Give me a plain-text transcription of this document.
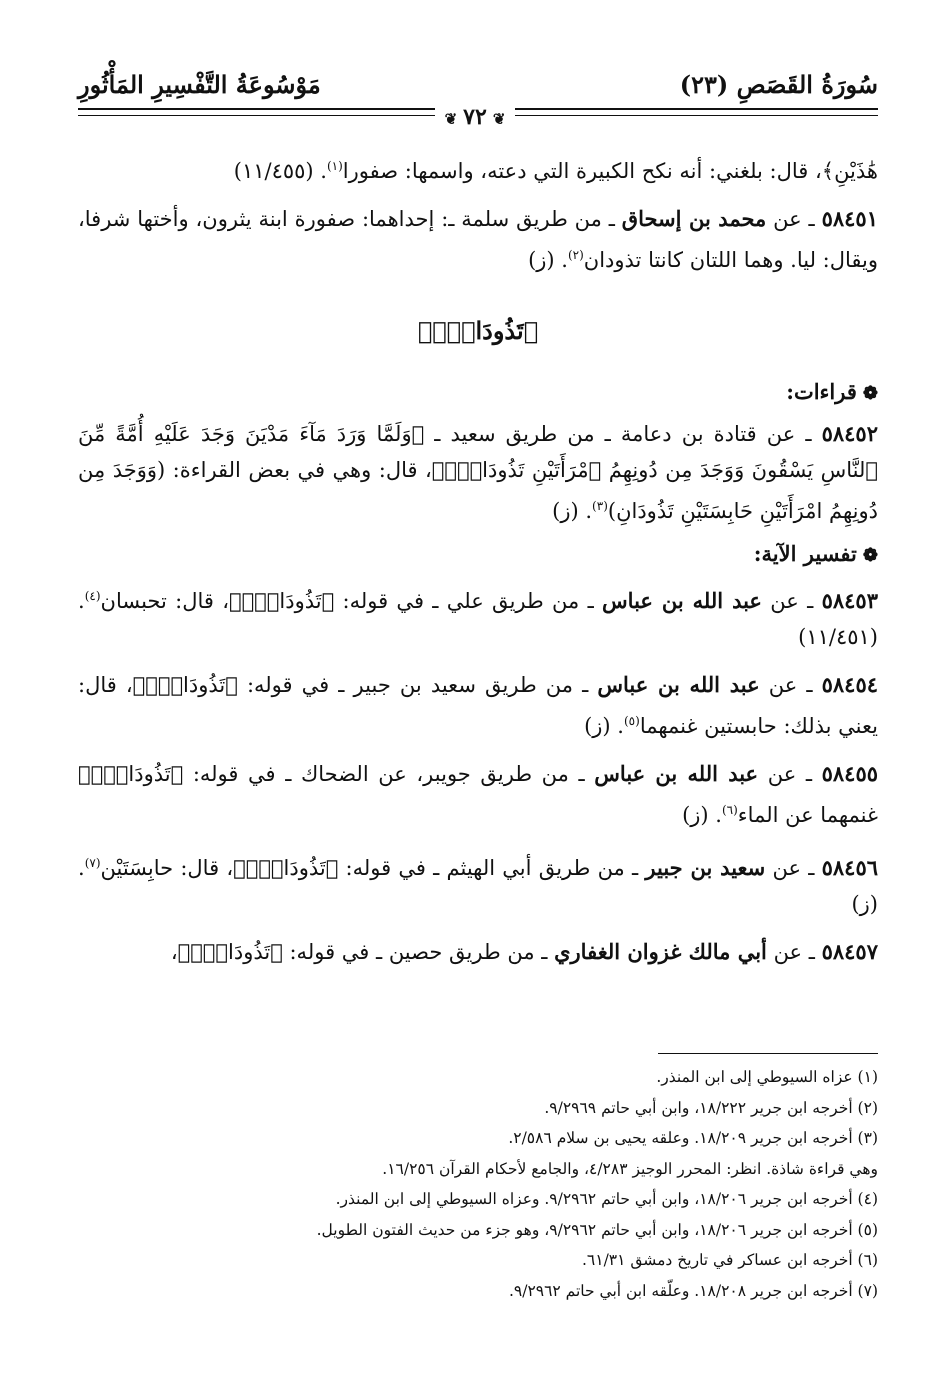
سُورَةُ القَصَصِ (٢٣)
مَوْسُوعَةُ التَّفْسِيرِ المَأْثُورِ
❦٧٢❦

هَٰذَيْنِ﴾، قال: بلغني: أنه نكح الكبيرة التي دعته، واسمها: صفورا$^{(١)}$. (١١/٤٥٥)

٥٨٤٥١ ـ عن محمد بن إسحاق ـ من طريق سلمة ـ: إحداهما: صفورة ابنة يثرون، وأختها شرفا، ويقال: ليا. وهما اللتان كانتا تذودان$^{(٢)}$. (ز)

﴿تَذُودَانِۖ﴾
❁قراءات:

٥٨٤٥٢ ـ عن قتادة بن دعامة ـ من طريق سعيد ـ ﴿وَلَمَّا وَرَدَ مَآءَ مَدْيَنَ وَجَدَ عَلَيْهِ أُمَّةً مِّنَ ٱلنَّاسِ يَسْقُونَ وَوَجَدَ مِن دُونِهِمُ ٱمْرَأَتَيْنِ تَذُودَانِۖ﴾، قال: وهي في بعض القراءة: (وَوَجَدَ مِن دُونِهِمُ امْرَأَتَيْنِ حَابِسَتَيْنِ تَذُودَانِ)$^{(٣)}$. (ز)

❁تفسير الآية:

٥٨٤٥٣ ـ عن عبد الله بن عباس ـ من طريق علي ـ في قوله: ﴿تَذُودَانِۖ﴾، قال: تحبسان$^{(٤)}$. (١١/٤٥١)

٥٨٤٥٤ ـ عن عبد الله بن عباس ـ من طريق سعيد بن جبير ـ في قوله: ﴿تَذُودَانِۖ﴾، قال: يعني بذلك: حابستين غنمهما$^{(٥)}$. (ز)

٥٨٤٥٥ ـ عن عبد الله بن عباس ـ من طريق جويبر، عن الضحاك ـ في قوله: ﴿تَذُودَانِۖ﴾ غنمهما عن الماء$^{(٦)}$. (ز)

٥٨٤٥٦ ـ عن سعيد بن جبير ـ من طريق أبي الهيثم ـ في قوله: ﴿تَذُودَانِۖ﴾، قال: حابِسَتَيْن$^{(٧)}$. (ز)

٥٨٤٥٧ ـ عن أبي مالك غزوان الغفاري ـ من طريق حصين ـ في قوله: ﴿تَذُودَانِۖ﴾،

(١) عزاه السيوطي إلى ابن المنذر.
(٢) أخرجه ابن جرير ١٨/٢٢٢، وابن أبي حاتم ٩/٢٩٦٩.
(٣) أخرجه ابن جرير ١٨/٢٠٩. وعلقه يحيى بن سلام ٢/٥٨٦.
وهي قراءة شاذة. انظر: المحرر الوجيز ٤/٢٨٣، والجامع لأحكام القرآن ١٦/٢٥٦.
(٤) أخرجه ابن جرير ١٨/٢٠٦، وابن أبي حاتم ٩/٢٩٦٢. وعزاه السيوطي إلى ابن المنذر.
(٥) أخرجه ابن جرير ١٨/٢٠٦، وابن أبي حاتم ٩/٢٩٦٢، وهو جزء من حديث الفتون الطويل.
(٦) أخرجه ابن عساكر في تاريخ دمشق ٦١/٣١.
(٧) أخرجه ابن جرير ١٨/٢٠٨. وعلّقه ابن أبي حاتم ٩/٢٩٦٢.
